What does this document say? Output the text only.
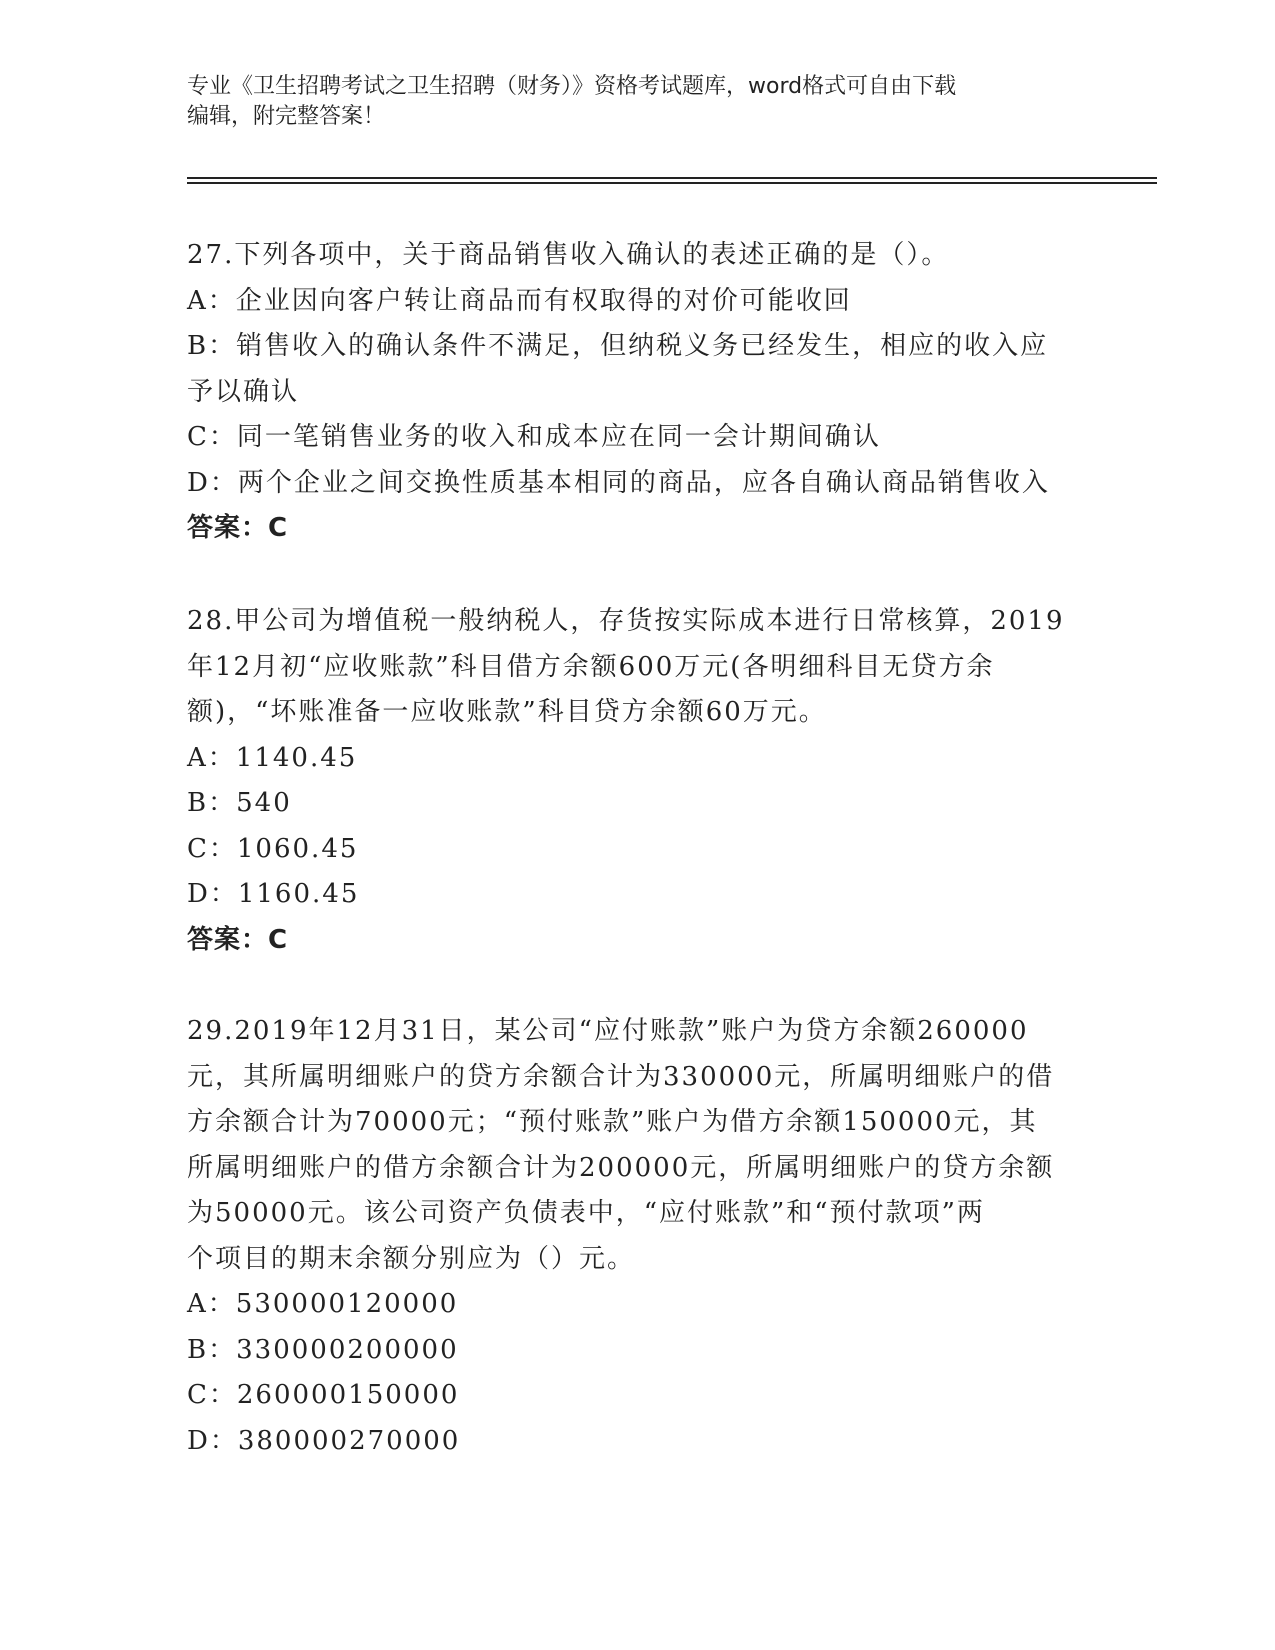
专业《卫生招聘考试之卫生招聘（财务）》资格考试题库，word格式可自由下载
编辑，附完整答案！
27.下列各项中，关于商品销售收入确认的表述正确的是（）。
A：企业因向客户转让商品而有权取得的对价可能收回
B：销售收入的确认条件不满足，但纳税义务已经发生，相应的收入应
予以确认
C：同一笔销售业务的收入和成本应在同一会计期间确认
D：两个企业之间交换性质基本相同的商品，应各自确认商品销售收入
答案：C
28.甲公司为增值税一般纳税人，存货按实际成本进行日常核算，2019
年12月初“应收账款”科目借方余额600万元(各明细科目无贷方余
额)，“坏账准备一应收账款”科目贷方余额60万元。
A：1140.45
B：540
C：1060.45
D：1160.45
答案：C
29.2019年12月31日，某公司“应付账款”账户为贷方余额260000
元，其所属明细账户的贷方余额合计为330000元，所属明细账户的借
方余额合计为70000元；“预付账款”账户为借方余额150000元，其
所属明细账户的借方余额合计为200000元，所属明细账户的贷方余额
为50000元。该公司资产负债表中，“应付账款”和“预付款项”两
个项目的期末余额分别应为（）元。
A：530000120000
B：330000200000
C：260000150000
D：380000270000
